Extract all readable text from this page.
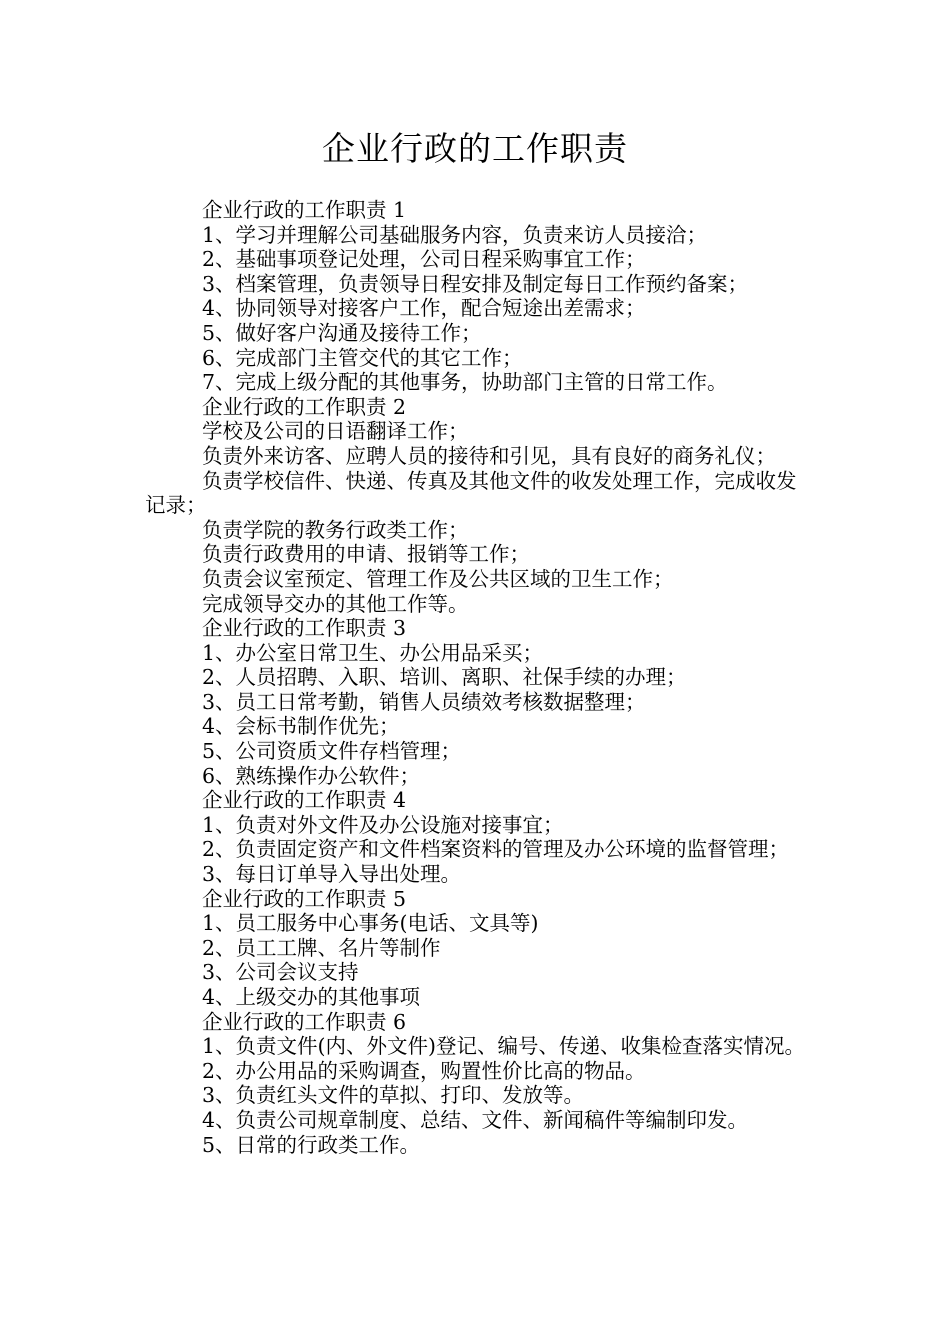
企业行政的工作职责

企业行政的工作职责 1

1、学习并理解公司基础服务内容，负责来访人员接洽；

2、基础事项登记处理，公司日程采购事宜工作；

3、档案管理，负责领导日程安排及制定每日工作预约备案；

4、协同领导对接客户工作，配合短途出差需求；

5、做好客户沟通及接待工作；

6、完成部门主管交代的其它工作；

7、完成上级分配的其他事务，协助部门主管的日常工作。

企业行政的工作职责 2

学校及公司的日语翻译工作；

负责外来访客、应聘人员的接待和引见，具有良好的商务礼仪；

负责学校信件、快递、传真及其他文件的收发处理工作，完成收发记录；

负责学院的教务行政类工作；

负责行政费用的申请、报销等工作；

负责会议室预定、管理工作及公共区域的卫生工作；

完成领导交办的其他工作等。

企业行政的工作职责 3

1、办公室日常卫生、办公用品采买；

2、人员招聘、入职、培训、离职、社保手续的办理；

3、员工日常考勤，销售人员绩效考核数据整理；

4、会标书制作优先；

5、公司资质文件存档管理；

6、熟练操作办公软件；

企业行政的工作职责 4

1、负责对外文件及办公设施对接事宜；

2、负责固定资产和文件档案资料的管理及办公环境的监督管理；

3、每日订单导入导出处理。

企业行政的工作职责 5

1、员工服务中心事务(电话、文具等)

2、员工工牌、名片等制作

3、公司会议支持

4、上级交办的其他事项

企业行政的工作职责 6

1、负责文件(内、外文件)登记、编号、传递、收集检查落实情况。

2、办公用品的采购调查，购置性价比高的物品。

3、负责红头文件的草拟、打印、发放等。

4、负责公司规章制度、总结、文件、新闻稿件等编制印发。

5、日常的行政类工作。
